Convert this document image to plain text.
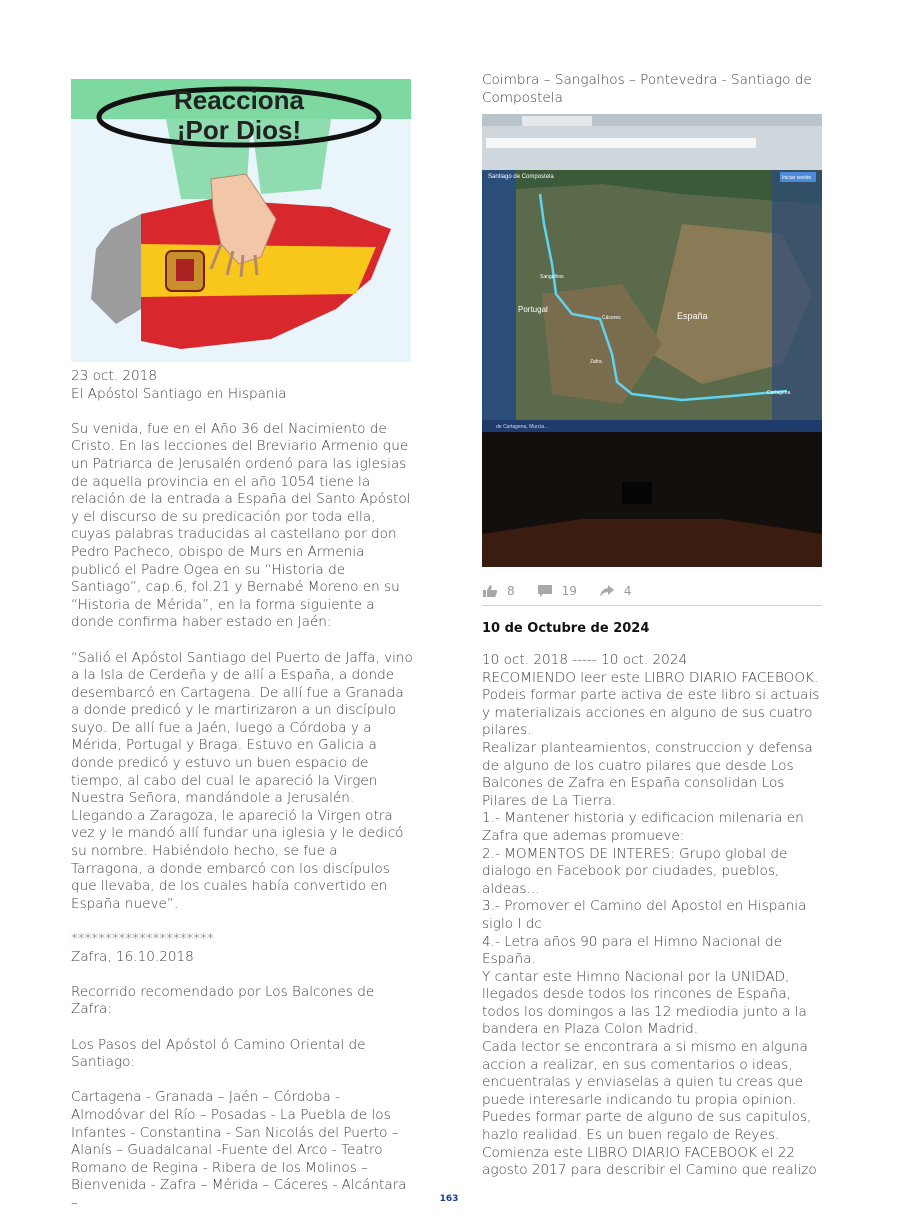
Reacciona
¡Por Dios!

23 oct. 2018

El Apóstol Santiago en Hispania

Su venida, fue en el Año 36 del Nacimiento de Cristo. En las lecciones del Breviario Armenio que un Patriarca de Jerusalén ordenó para las iglesias de aquella provincia en el año 1054 tiene la relación de la entrada a España del Santo Apóstol y el discurso de su predicación por toda ella, cuyas palabras traducidas al castellano por don Pedro Pacheco, obispo de Murs en Armenia publicó el Padre Ogea en su “Historia de Santiago”, cap.6, fol.21 y Bernabé Moreno en su “Historia de Mérida”, en la forma siguiente a donde confirma haber estado en Jaén:

“Salió el Apóstol Santiago del Puerto de Jaffa, vino a la Isla de Cerdeña y de allí a España, a donde desembarcó en Cartagena. De allí fue a Granada a donde predicó y le martirizaron a un discípulo suyo. De allí fue a Jaén, luego a Córdoba y a Mérida, Portugal y Braga. Estuvo en Galicia a donde predicó y estuvo un buen espacio de tiempo, al cabo del cual le apareció la Virgen Nuestra Señora, mandándole a Jerusalén. Llegando a Zaragoza, le apareció la Virgen otra vez y le mandó allí fundar una iglesia y le dedicó su nombre. Habiéndolo hecho, se fue a Tarragona, a donde embarcó con los discípulos que llevaba, de los cuales había convertido en España nueve”.

*********************

Zafra, 16.10.2018

Recorrido recomendado por Los Balcones de Zafra:

Los Pasos del Apóstol ó Camino Oriental de Santiago:

Cartagena - Granada – Jaén – Córdoba - Almodóvar del Río – Posadas - La Puebla de los Infantes - Constantina - San Nicolás del Puerto – Alanís – Guadalcanal -Fuente del Arco - Teatro Romano de Regina - Ribera de los Molinos – Bienvenida - Zafra – Mérida – Cáceres - Alcántara –

Coimbra – Sangalhos – Pontevedra - Santiago de Compostela

Santiago de Compostela
Portugal
España
Sangalhos
Cáceres
Zafra
Cartagena
Iniciar sesión
de Cartagena, Murcia...
8	19	4
10 de Octubre de 2024

10 oct. 2018 ----- 10 oct. 2024
RECOMIENDO leer este LIBRO DIARIO FACEBOOK. Podeis formar parte activa de este libro si actuais y materializais acciones en alguno de sus cuatro pilares.
Realizar planteamientos, construccion y defensa de alguno de los cuatro pilares que desde Los Balcones de Zafra en España consolidan Los Pilares de La Tierra.
1.- Mantener historia y edificacion milenaria en Zafra que ademas promueve:
2.- MOMENTOS DE INTERES: Grupo global de dialogo en Facebook por ciudades, pueblos, aldeas...
3.- Promover el Camino del Apostol en Hispania siglo I dc
4.- Letra años 90 para el Himno Nacional de España.
Y cantar este Himno Nacional por la UNIDAD, llegados desde todos los rincones de España, todos los domingos a las 12 mediodia junto a la bandera en Plaza Colon Madrid.
Cada lector se encontrara a si mismo en alguna accion a realizar, en sus comentarios o ideas, encuentralas y enviaselas a quien tu creas que puede interesarle indicando tu propia opinion.
Puedes formar parte de alguno de sus capitulos, hazlo realidad. Es un buen regalo de Reyes.
Comienza este LIBRO DIARIO FACEBOOK el 22 agosto 2017 para describir el Camino que realizo

163
